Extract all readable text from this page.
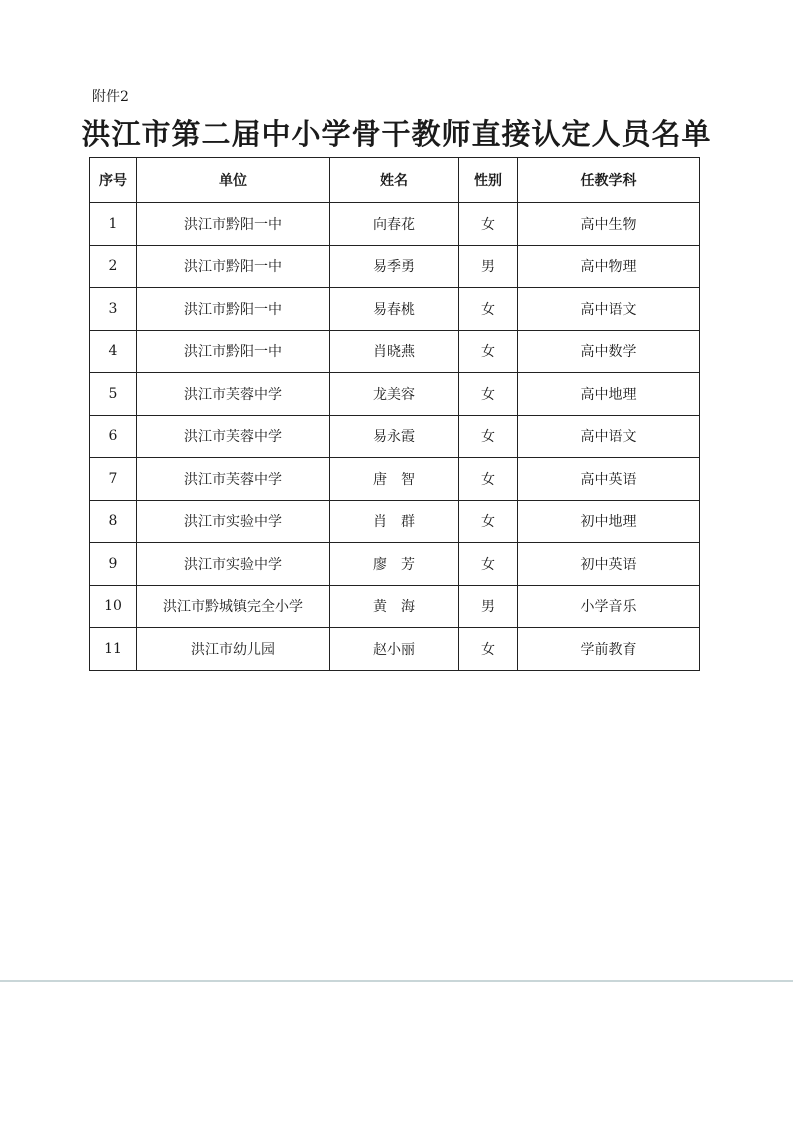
附件2
洪江市第二届中小学骨干教师直接认定人员名单
序号	单位	姓名	性别	任教学科
1	洪江市黔阳一中	向春花	女	高中生物
2	洪江市黔阳一中	易季勇	男	高中物理
3	洪江市黔阳一中	易春桃	女	高中语文
4	洪江市黔阳一中	肖晓燕	女	高中数学
5	洪江市芙蓉中学	龙美容	女	高中地理
6	洪江市芙蓉中学	易永霞	女	高中语文
7	洪江市芙蓉中学	唐　智	女	高中英语
8	洪江市实验中学	肖　群	女	初中地理
9	洪江市实验中学	廖　芳	女	初中英语
10	洪江市黔城镇完全小学	黄　海	男	小学音乐
11	洪江市幼儿园	赵小丽	女	学前教育
